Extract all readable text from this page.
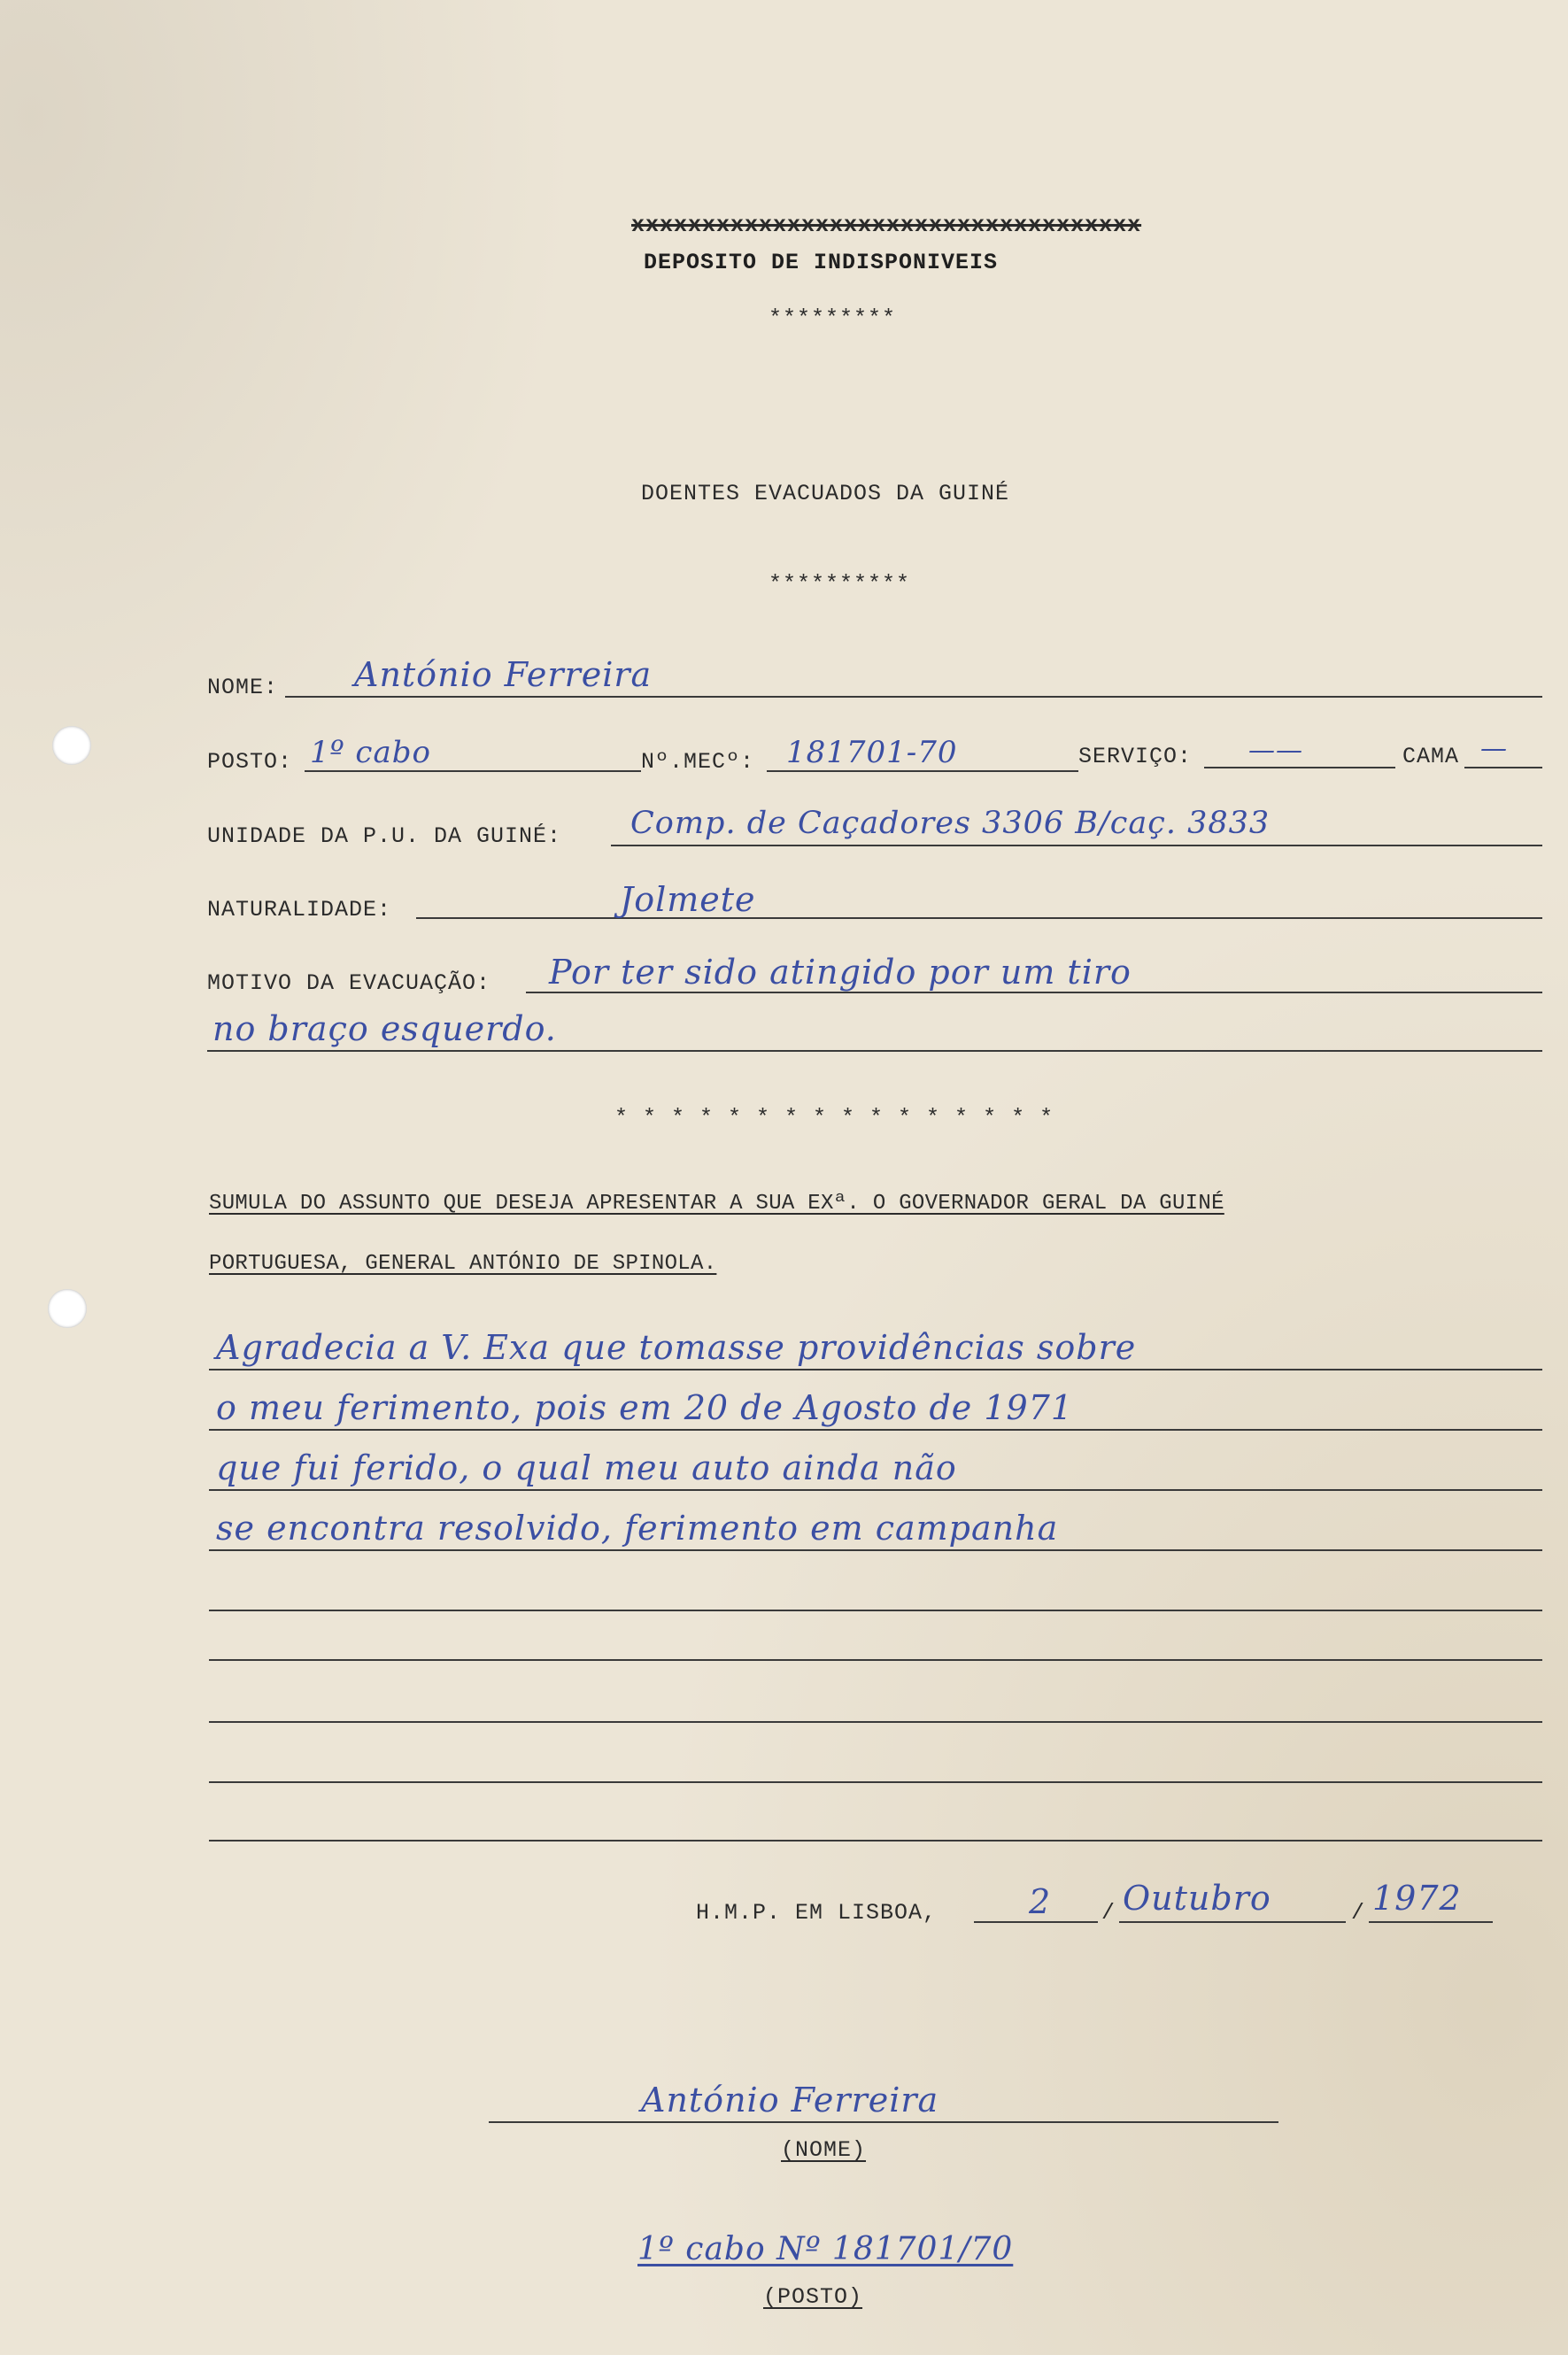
xxxxxxxxxxxxxxxxxxxxxxxxxxxxxxxxxxxx
DEPOSITO DE INDISPONIVEIS
*********
DOENTES EVACUADOS DA GUINÉ
**********
NOME: António Ferreira
POSTO: 1º cabo	Nº.MECº: 181701-70	SERVIÇO: ——	CAMA —
UNIDADE DA P.U. DA GUINÉ: Comp. de Caçadores 3306 B/caç. 3833
NATURALIDADE:	Jolmete
MOTIVO DA EVACUAÇÃO: Por ter sido atingido por um tiro
no braço esquerdo.
* * * * * * * * * * * * * * * *
SUMULA DO ASSUNTO QUE DESEJA APRESENTAR A SUA EXª. O GOVERNADOR GERAL DA GUINÉ
PORTUGUESA, GENERAL ANTÓNIO DE SPINOLA.
Agradecia a V. Exa que tomasse providências sobre
o meu ferimento, pois em 20 de Agosto de 1971
que fui ferido, o qual meu auto ainda não
se encontra resolvido, ferimento em campanha
H.M.P. EM LISBOA,	2 / Outubro	/ 1972
António Ferreira
(NOME)
1º cabo Nº 181701/70
(POSTO)
